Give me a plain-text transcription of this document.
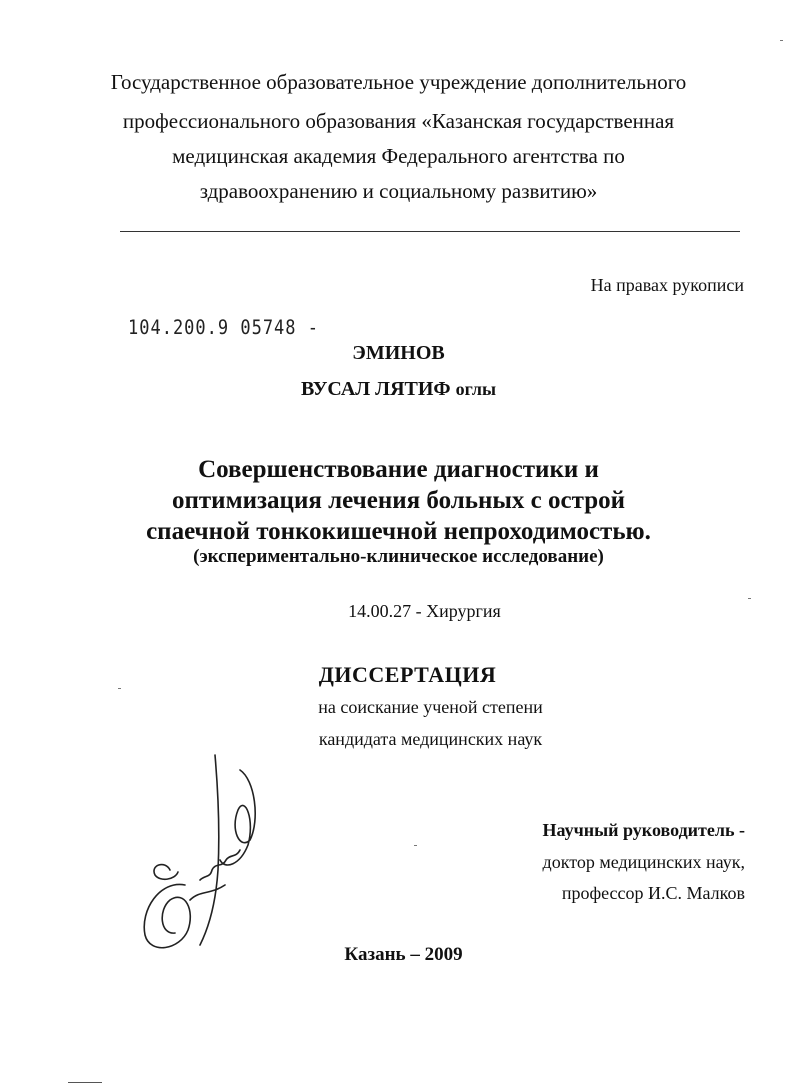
Государственное образовательное учреждение дополнительного
профессионального образования «Казанская государственная
медицинская академия Федерального агентства по
здравоохранению и социальному развитию»
На правах рукописи
104.200.9 05748 -
ЭМИНОВ
ВУСАЛ ЛЯТИФ оглы
Совершенствование диагностики и
оптимизация лечения больных с острой
спаечной тонкокишечной непроходимостью.
(экспериментально-клиническое исследование)
14.00.27 - Хирургия
ДИССЕРТАЦИЯ
на соискание ученой степени
кандидата медицинских наук
Научный руководитель -
доктор медицинских наук,
профессор И.С. Малков
Казань – 2009
